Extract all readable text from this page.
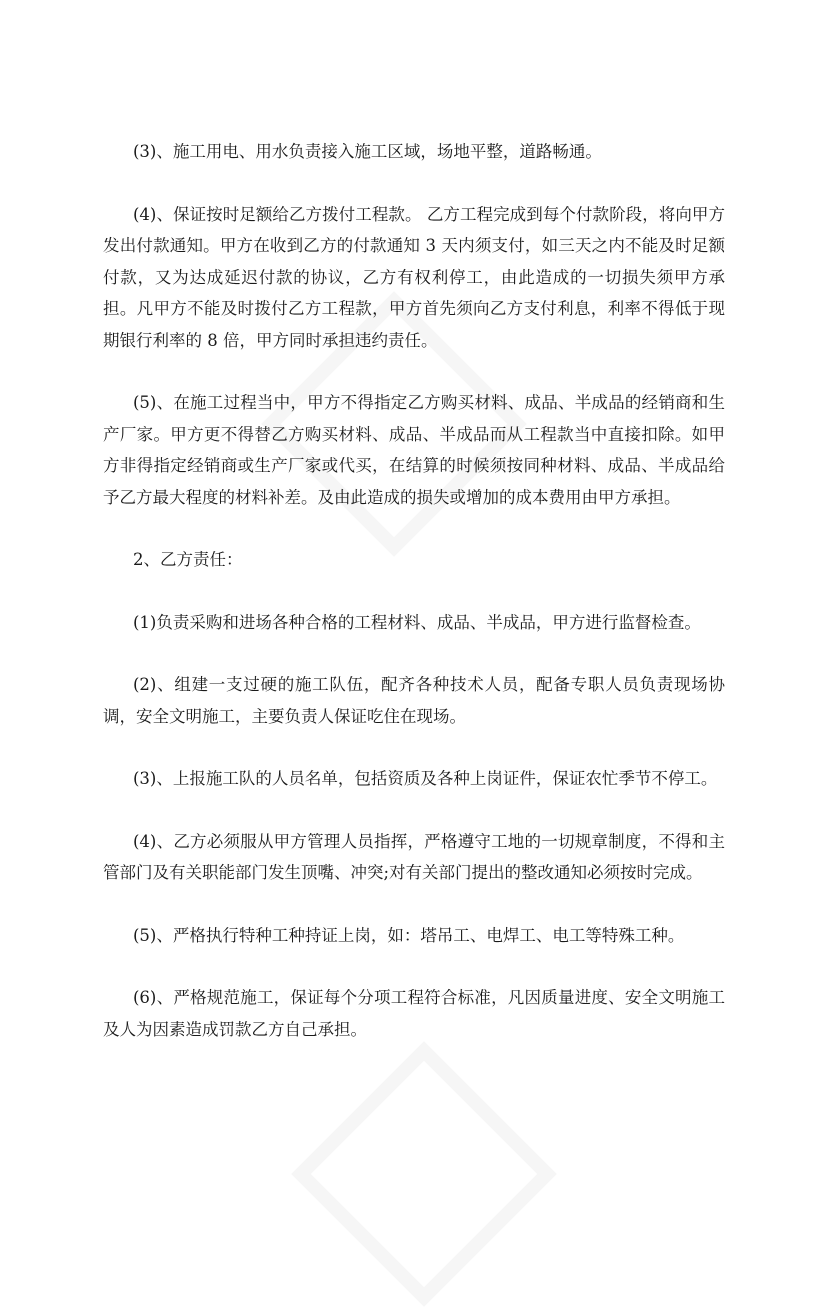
(3)、施工用电、用水负责接入施工区域，场地平整，道路畅通。
(4)、保证按时足额给乙方拨付工程款。 乙方工程完成到每个付款阶段，将向甲方
发出付款通知。甲方在收到乙方的付款通知 3 天内须支付，如三天之内不能及时足额
付款，又为达成延迟付款的协议，乙方有权利停工，由此造成的一切损失须甲方承
担。凡甲方不能及时拨付乙方工程款，甲方首先须向乙方支付利息，利率不得低于现
期银行利率的 8 倍，甲方同时承担违约责任。
(5)、在施工过程当中，甲方不得指定乙方购买材料、成品、半成品的经销商和生
产厂家。甲方更不得替乙方购买材料、成品、半成品而从工程款当中直接扣除。如甲
方非得指定经销商或生产厂家或代买，在结算的时候须按同种材料、成品、半成品给
予乙方最大程度的材料补差。及由此造成的损失或增加的成本费用由甲方承担。
2、乙方责任：
(1)负责采购和进场各种合格的工程材料、成品、半成品，甲方进行监督检查。
(2)、组建一支过硬的施工队伍，配齐各种技术人员，配备专职人员负责现场协
调，安全文明施工，主要负责人保证吃住在现场。
(3)、上报施工队的人员名单，包括资质及各种上岗证件，保证农忙季节不停工。
(4)、乙方必须服从甲方管理人员指挥，严格遵守工地的一切规章制度，不得和主
管部门及有关职能部门发生顶嘴、冲突;对有关部门提出的整改通知必须按时完成。
(5)、严格执行特种工种持证上岗，如：塔吊工、电焊工、电工等特殊工种。
(6)、严格规范施工，保证每个分项工程符合标准，凡因质量进度、安全文明施工
及人为因素造成罚款乙方自己承担。
